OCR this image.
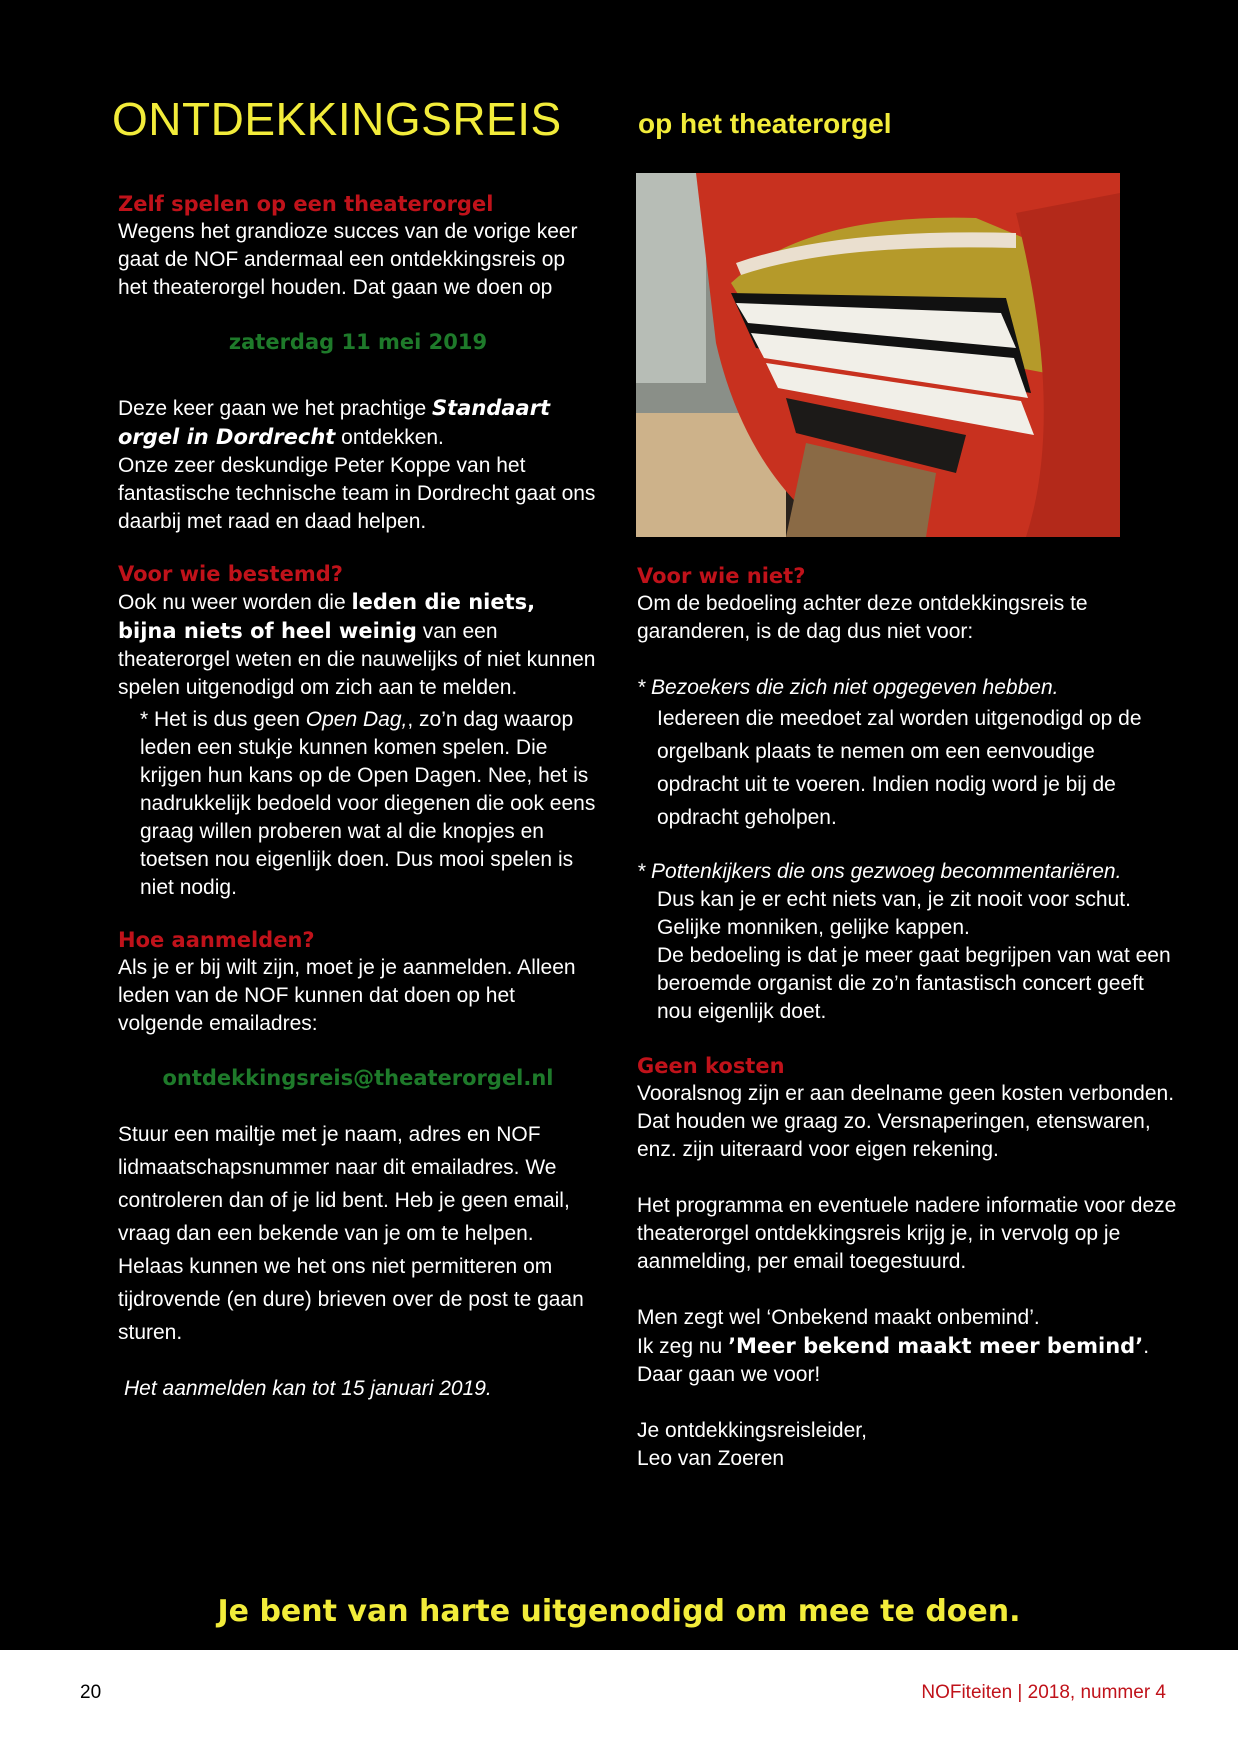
ONTDEKKINGSREIS	op het theaterorgel

Zelf spelen op een theaterorgel

Wegens het grandioze succes van de vorige keer gaat de NOF andermaal een ontdekkingsreis op het theaterorgel houden. Dat gaan we doen op

zaterdag 11 mei 2019

Deze keer gaan we het prachtige Standaart orgel in Dordrecht ontdekken.

Onze zeer deskundige Peter Koppe van het fantastische technische team in Dordrecht gaat ons daarbij met raad en daad helpen.

Voor wie bestemd?

Ook nu weer worden die leden die niets, bijna niets of heel weinig van een theaterorgel weten en die nauwelijks of niet kunnen spelen uitgenodigd om zich aan te melden.

* Het is dus geen Open Dag,, zo’n dag waarop leden een stukje kunnen komen spelen. Die krijgen hun kans op de Open Dagen. Nee, het is nadrukkelijk bedoeld voor diegenen die ook eens graag willen proberen wat al die knopjes en toetsen nou eigenlijk doen. Dus mooi spelen is niet nodig.

Hoe aanmelden?

Als je er bij wilt zijn, moet je je aanmelden. Alleen leden van de NOF kunnen dat doen op het volgende emailadres:

ontdekkingsreis@theaterorgel.nl

Stuur een mailtje met je naam, adres en NOF lidmaatschapsnummer naar dit emailadres. We controleren dan of je lid bent. Heb je geen email, vraag dan een bekende van je om te helpen. Helaas kunnen we het ons niet permitteren om tijdrovende (en dure) brieven over de post te gaan sturen.

Het aanmelden kan tot 15 januari 2019.

Voor wie niet?

Om de bedoeling achter deze ontdekkingsreis te garanderen, is de dag dus niet voor:

* Bezoekers die zich niet opgegeven hebben.

Iedereen die meedoet zal worden uitgenodigd op de orgelbank plaats te nemen om een eenvoudige opdracht uit te voeren. Indien nodig word je bij de opdracht geholpen.

* Pottenkijkers die ons gezwoeg becommentariëren.

Dus kan je er echt niets van, je zit nooit voor schut. Gelijke monniken, gelijke kappen.

De bedoeling is dat je meer gaat begrijpen van wat een beroemde organist die zo’n fantastisch concert geeft nou eigenlijk doet.

Geen kosten

Vooralsnog zijn er aan deelname geen kosten verbonden. Dat houden we graag zo. Versnaperingen, etenswaren, enz. zijn uiteraard voor eigen rekening.

Het programma en eventuele nadere informatie voor deze theaterorgel ontdekkingsreis krijg je, in vervolg op je aanmelding, per email toegestuurd.

Men zegt wel ‘Onbekend maakt onbemind’.

Ik zeg nu ’Meer bekend maakt meer bemind’.

Daar gaan we voor!

Je ontdekkingsreisleider,

Leo van Zoeren

Je bent van harte uitgenodigd om mee te doen.

20	NOFiteiten | 2018, nummer 4
